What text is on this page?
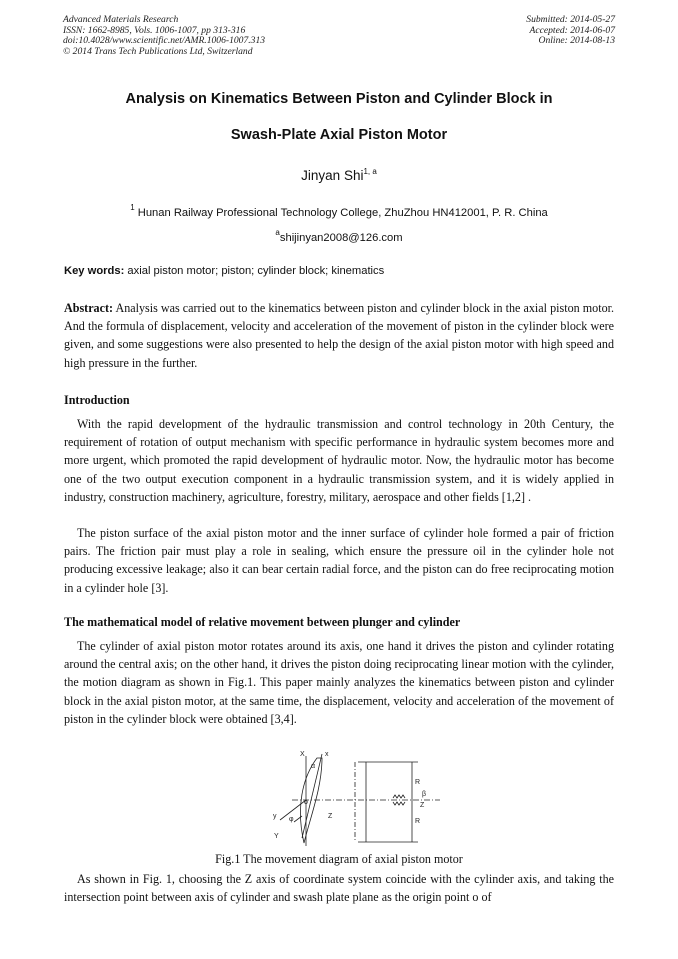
Advanced Materials Research
ISSN: 1662-8985, Vols. 1006-1007, pp 313-316
doi:10.4028/www.scientific.net/AMR.1006-1007.313
© 2014 Trans Tech Publications Ltd, Switzerland
Submitted: 2014-05-27
Accepted: 2014-06-07
Online: 2014-08-13
Analysis on Kinematics Between Piston and Cylinder Block in
Swash-Plate Axial Piston Motor
Jinyan Shi$^{1, a}$
$^1$ Hunan Railway Professional Technology College, ZhuZhou HN412001, P. R. China
$^a$shijinyan2008@126.com
Key words: axial piston motor; piston; cylinder block; kinematics
Abstract: Analysis was carried out to the kinematics between piston and cylinder block in the axial piston motor. And the formula of displacement, velocity and acceleration of the movement of piston in the cylinder block were given, and some suggestions were also presented to help the design of the axial piston motor with high speed and high pressure in the further.
Introduction
With the rapid development of the hydraulic transmission and control technology in 20th Century, the requirement of rotation of output mechanism with specific performance in hydraulic system becomes more and more urgent, which promoted the rapid development of hydraulic motor. Now, the hydraulic motor has become one of the two output execution component in a hydraulic transmission system, and it is widely applied in industry, construction machinery, agriculture, forestry, military, aerospace and other fields [1,2] .
The piston surface of the axial piston motor and the inner surface of cylinder hole formed a pair of friction pairs. The friction pair must play a role in sealing, which ensure the pressure oil in the cylinder hole not producing excessive leakage; also it can bear certain radial force, and the piston can do free reciprocating motion in a cylinder hole [3].
The mathematical model of relative movement between plunger and cylinder
The cylinder of axial piston motor rotates around its axis, one hand it drives the piston and cylinder rotating around the central axis; on the other hand, it drives the piston doing reciprocating linear motion with the cylinder, the motion diagram as shown in Fig.1. This paper mainly analyzes the kinematics between piston and cylinder block in the axial piston motor, at the same time, the displacement, velocity and acceleration of the movement of piston in the cylinder block were obtained [3,4].
X	x
α
y
Y
o
Z
φ
R
R
Z
β
Fig.1 The movement diagram of axial piston motor
As shown in Fig. 1, choosing the Z axis of coordinate system coincide with the cylinder axis, and taking the intersection point between axis of cylinder and swash plate plane as the origin point o of
